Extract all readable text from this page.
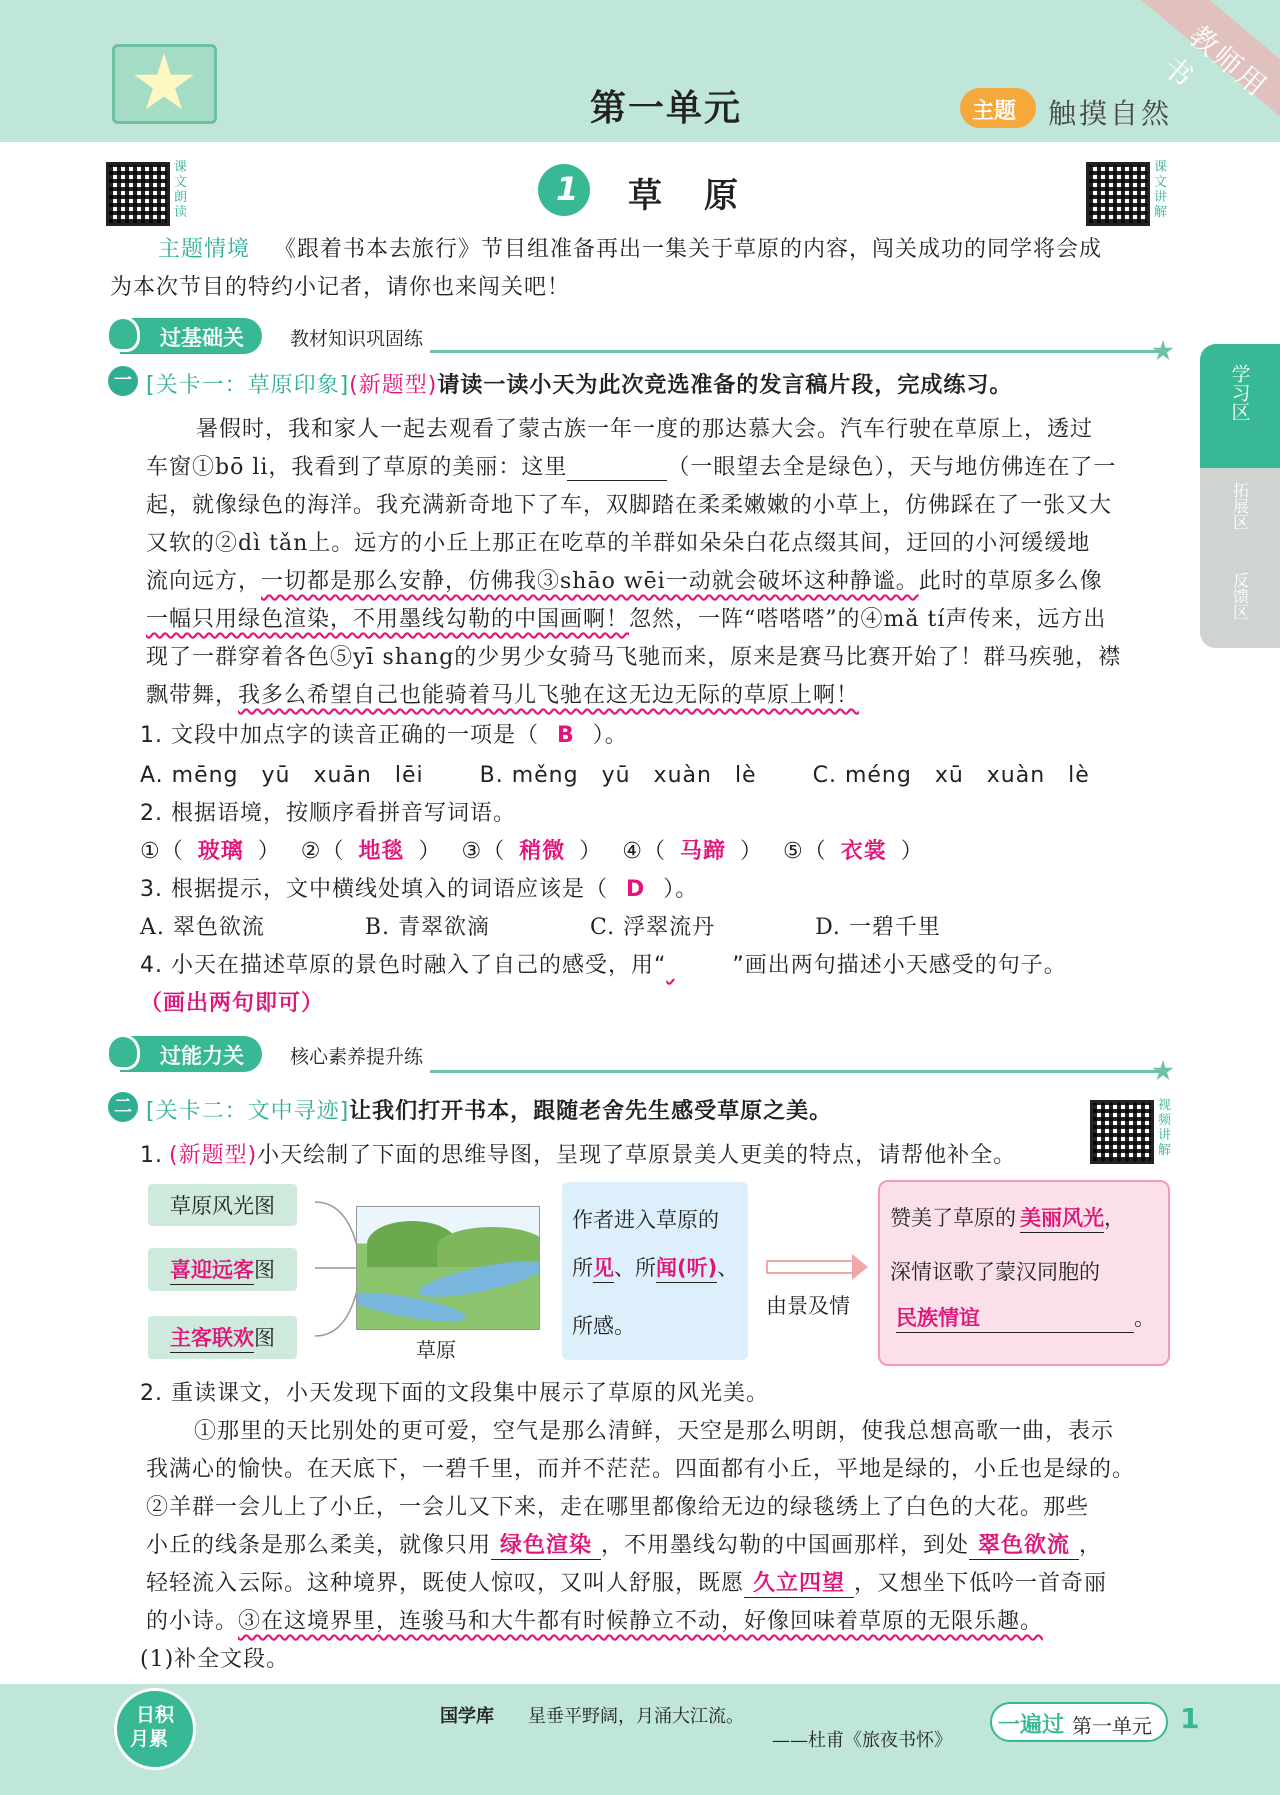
第一单元	主题 触摸自然
教师用书
学习区
拓展区
反馈区
课文朗读
1 草　原
课文讲解
主题情境 《跟着书本去旅行》节目组准备再出一集关于草原的内容，闯关成功的同学将会成
为本次节目的特约小记者，请你也来闯关吧！
过基础关	教材知识巩固练
一 [关卡一：草原印象](新题型)请读一读小天为此次竞选准备的发言稿片段，完成练习。
暑假时，我和家人一起去观看了蒙古族一年一度的那达慕大会。汽车行驶在草原上，透过
车窗①bō li，我看到了草原的美丽：这里	（一眼望去全是绿色），天与地仿佛连在了一
起，就像绿色的海洋。我充满新奇地下了车，双脚踏在柔柔嫩嫩的小草上，仿佛踩在了一张又大
又软的②dì tǎn上。远方的小丘上那正在吃草的羊群如朵朵白花点缀其间，迂回的小河缓缓地
流向远方，一切都是那么安静，仿佛我③shāo wēi一动就会破坏这种静谧。此时的草原多么像
一幅只用绿色渲染，不用墨线勾勒的中国画啊！忽然，一阵“嗒嗒嗒”的④mǎ tí声传来，远方出
现了一群穿着各色⑤yī shang的少男少女骑马飞驰而来，原来是赛马比赛开始了！群马疾驰，襟
飘带舞，我多么希望自己也能骑着马儿飞驰在这无边无际的草原上啊！
1. 文段中加点字的读音正确的一项是（ B ）。
A. mēng　yū　xuān　lēi	B. měng　yū　xuàn　lè	C. méng　xū　xuàn　lè
2. 根据语境，按顺序看拼音写词语。
①（ 玻璃 ） ②（ 地毯 ） ③（ 稍微 ） ④（ 马蹄 ） ⑤（ 衣裳 ）
3. 根据提示，文中横线处填入的词语应该是（ D ）。
A. 翠色欲流	B. 青翠欲滴	C. 浮翠流丹	D. 一碧千里
4. 小天在描述草原的景色时融入了自己的感受，用“	”画出两句描述小天感受的句子。
（画出两句即可）
过能力关	核心素养提升练
二 [关卡二：文中寻迹]让我们打开书本，跟随老舍先生感受草原之美。	视频讲解
1. (新题型)小天绘制了下面的思维导图，呈现了草原景美人更美的特点，请帮他补全。
草原风光图
喜迎远客图
主客联欢图	草原
作者进入草原的
所见、所闻(听)、
所感。
由景及情
赞美了草原的 美丽风光，
深情讴歌了蒙汉同胞的
民族情谊	。
2. 重读课文，小天发现下面的文段集中展示了草原的风光美。
①那里的天比别处的更可爱，空气是那么清鲜，天空是那么明朗，使我总想高歌一曲，表示
我满心的愉快。在天底下，一碧千里，而并不茫茫。四面都有小丘，平地是绿的，小丘也是绿的。
②羊群一会儿上了小丘，一会儿又下来，走在哪里都像给无边的绿毯绣上了白色的大花。那些
小丘的线条是那么柔美，就像只用 绿色渲染 ，不用墨线勾勒的中国画那样，到处 翠色欲流 ，
轻轻流入云际。这种境界，既使人惊叹，又叫人舒服，既愿 久立四望 ，又想坐下低吟一首奇丽
的小诗。③在这境界里，连骏马和大牛都有时候静立不动，好像回味着草原的无限乐趣。
(1)补全文段。
日积
月累
国学库 星垂平野阔，月涌大江流。
——杜甫《旅夜书怀》
一遍过 第一单元 1
